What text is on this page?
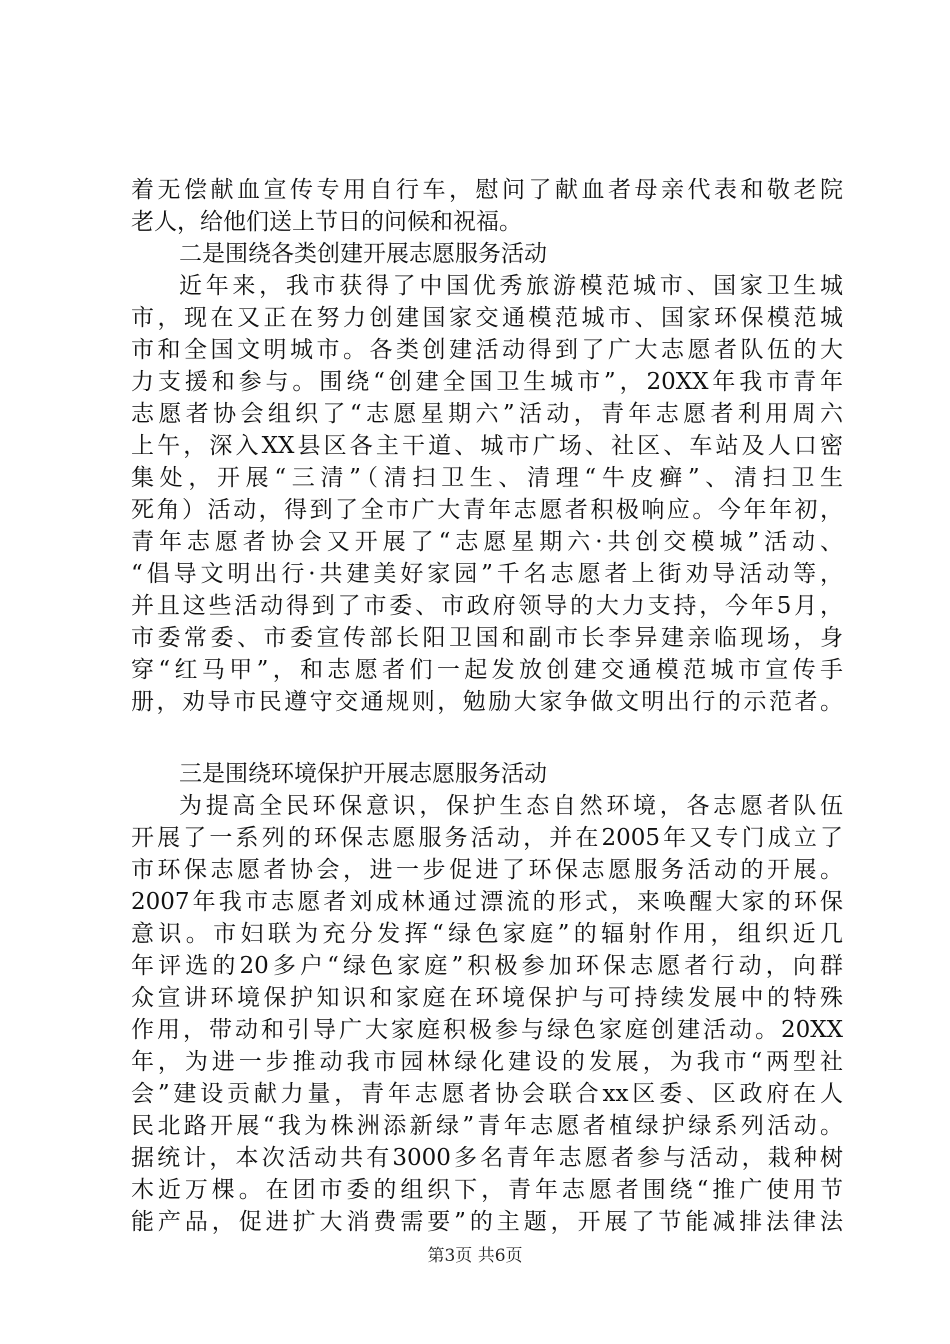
着无偿献血宣传专用自行车，慰问了献血者母亲代表和敬老院
老人，给他们送上节日的问候和祝福。
二是围绕各类创建开展志愿服务活动
近年来，我市获得了中国优秀旅游模范城市、国家卫生城
市，现在又正在努力创建国家交通模范城市、国家环保模范城
市和全国文明城市。各类创建活动得到了广大志愿者队伍的大
力支援和参与。围绕“创建全国卫生城市”，20XX年我市青年
志愿者协会组织了“志愿星期六”活动，青年志愿者利用周六
上午，深入XX县区各主干道、城市广场、社区、车站及人口密
集处，开展“三清”（清扫卫生、清理“牛皮癣”、清扫卫生
死角）活动，得到了全市广大青年志愿者积极响应。今年年初，
青年志愿者协会又开展了“志愿星期六·共创交模城”活动、
“倡导文明出行·共建美好家园”千名志愿者上街劝导活动等，
并且这些活动得到了市委、市政府领导的大力支持，今年5月，
市委常委、市委宣传部长阳卫国和副市长李异建亲临现场，身
穿“红马甲”，和志愿者们一起发放创建交通模范城市宣传手
册，劝导市民遵守交通规则，勉励大家争做文明出行的示范者。
三是围绕环境保护开展志愿服务活动
为提高全民环保意识，保护生态自然环境，各志愿者队伍
开展了一系列的环保志愿服务活动，并在2005年又专门成立了
市环保志愿者协会，进一步促进了环保志愿服务活动的开展。
2007年我市志愿者刘成林通过漂流的形式，来唤醒大家的环保
意识。市妇联为充分发挥“绿色家庭”的辐射作用，组织近几
年评选的20多户“绿色家庭”积极参加环保志愿者行动，向群
众宣讲环境保护知识和家庭在环境保护与可持续发展中的特殊
作用，带动和引导广大家庭积极参与绿色家庭创建活动。20XX
年，为进一步推动我市园林绿化建设的发展，为我市“两型社
会”建设贡献力量，青年志愿者协会联合xx区委、区政府在人
民北路开展“我为株洲添新绿”青年志愿者植绿护绿系列活动。
据统计，本次活动共有3000多名青年志愿者参与活动，栽种树
木近万棵。在团市委的组织下，青年志愿者围绕“推广使用节
能产品，促进扩大消费需要”的主题，开展了节能减排法律法
第3页 共6页
